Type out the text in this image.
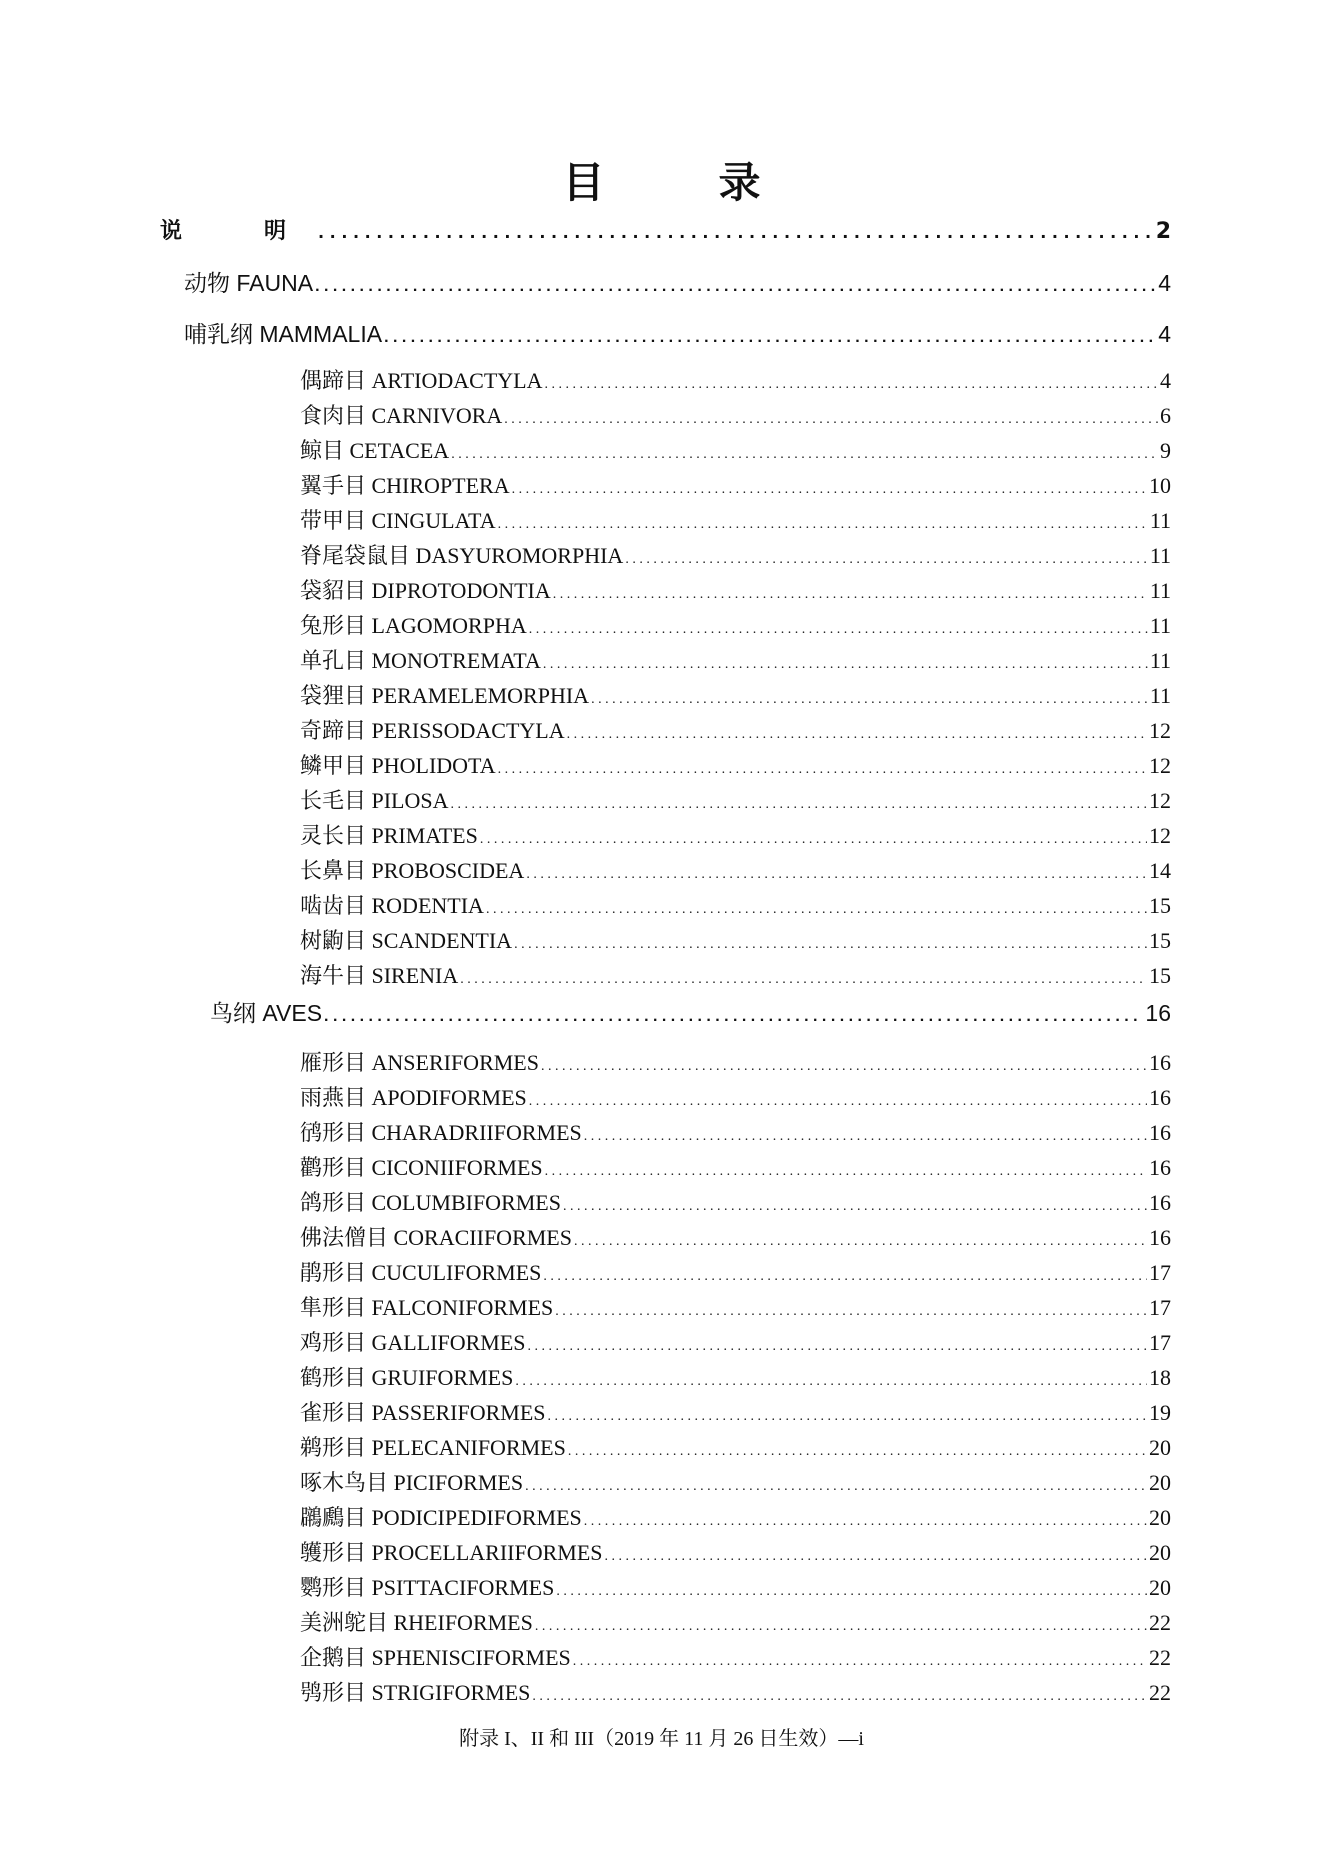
目　录
说　明 . . .	2
动物 FAUNA . . .	4
哺乳纲 MAMMALIA . . .	4
偶蹄目 ARTIODACTYLA . . .	4
食肉目 CARNIVORA . . .	6
鲸目 CETACEA . . .	9
翼手目 CHIROPTERA . . .	10
带甲目 CINGULATA . . .	11
脊尾袋鼠目 DASYUROMORPHIA . . .	11
袋貂目 DIPROTODONTIA . . .	11
兔形目 LAGOMORPHA . . .	11
单孔目 MONOTREMATA . . .	11
袋狸目 PERAMELEMORPHIA . . .	11
奇蹄目 PERISSODACTYLA . . .	12
鳞甲目 PHOLIDOTA . . .	12
长毛目 PILOSA . . .	12
灵长目 PRIMATES . . .	12
长鼻目 PROBOSCIDEA . . .	14
啮齿目 RODENTIA . . .	15
树鼩目 SCANDENTIA . . .	15
海牛目 SIRENIA . . .	15
鸟纲 AVES . . .	16
雁形目 ANSERIFORMES . . .	16
雨燕目 APODIFORMES . . .	16
鸻形目 CHARADRIIFORMES . . .	16
鹳形目 CICONIIFORMES . . .	16
鸽形目 COLUMBIFORMES . . .	16
佛法僧目 CORACIIFORMES . . .	16
鹃形目 CUCULIFORMES . . .	17
隼形目 FALCONIFORMES . . .	17
鸡形目 GALLIFORMES . . .	17
鹤形目 GRUIFORMES . . .	18
雀形目 PASSERIFORMES . . .	19
鹈形目 PELECANIFORMES . . .	20
啄木鸟目 PICIFORMES . . .	20
鸊鷉目 PODICIPEDIFORMES . . .	20
鹱形目 PROCELLARIIFORMES . . .	20
鹦形目 PSITTACIFORMES . . .	20
美洲鸵目 RHEIFORMES . . .	22
企鹅目 SPHENISCIFORMES . . .	22
鸮形目 STRIGIFORMES . . .	22
附录 I、II 和 III（2019 年 11 月 26 日生效）—i
